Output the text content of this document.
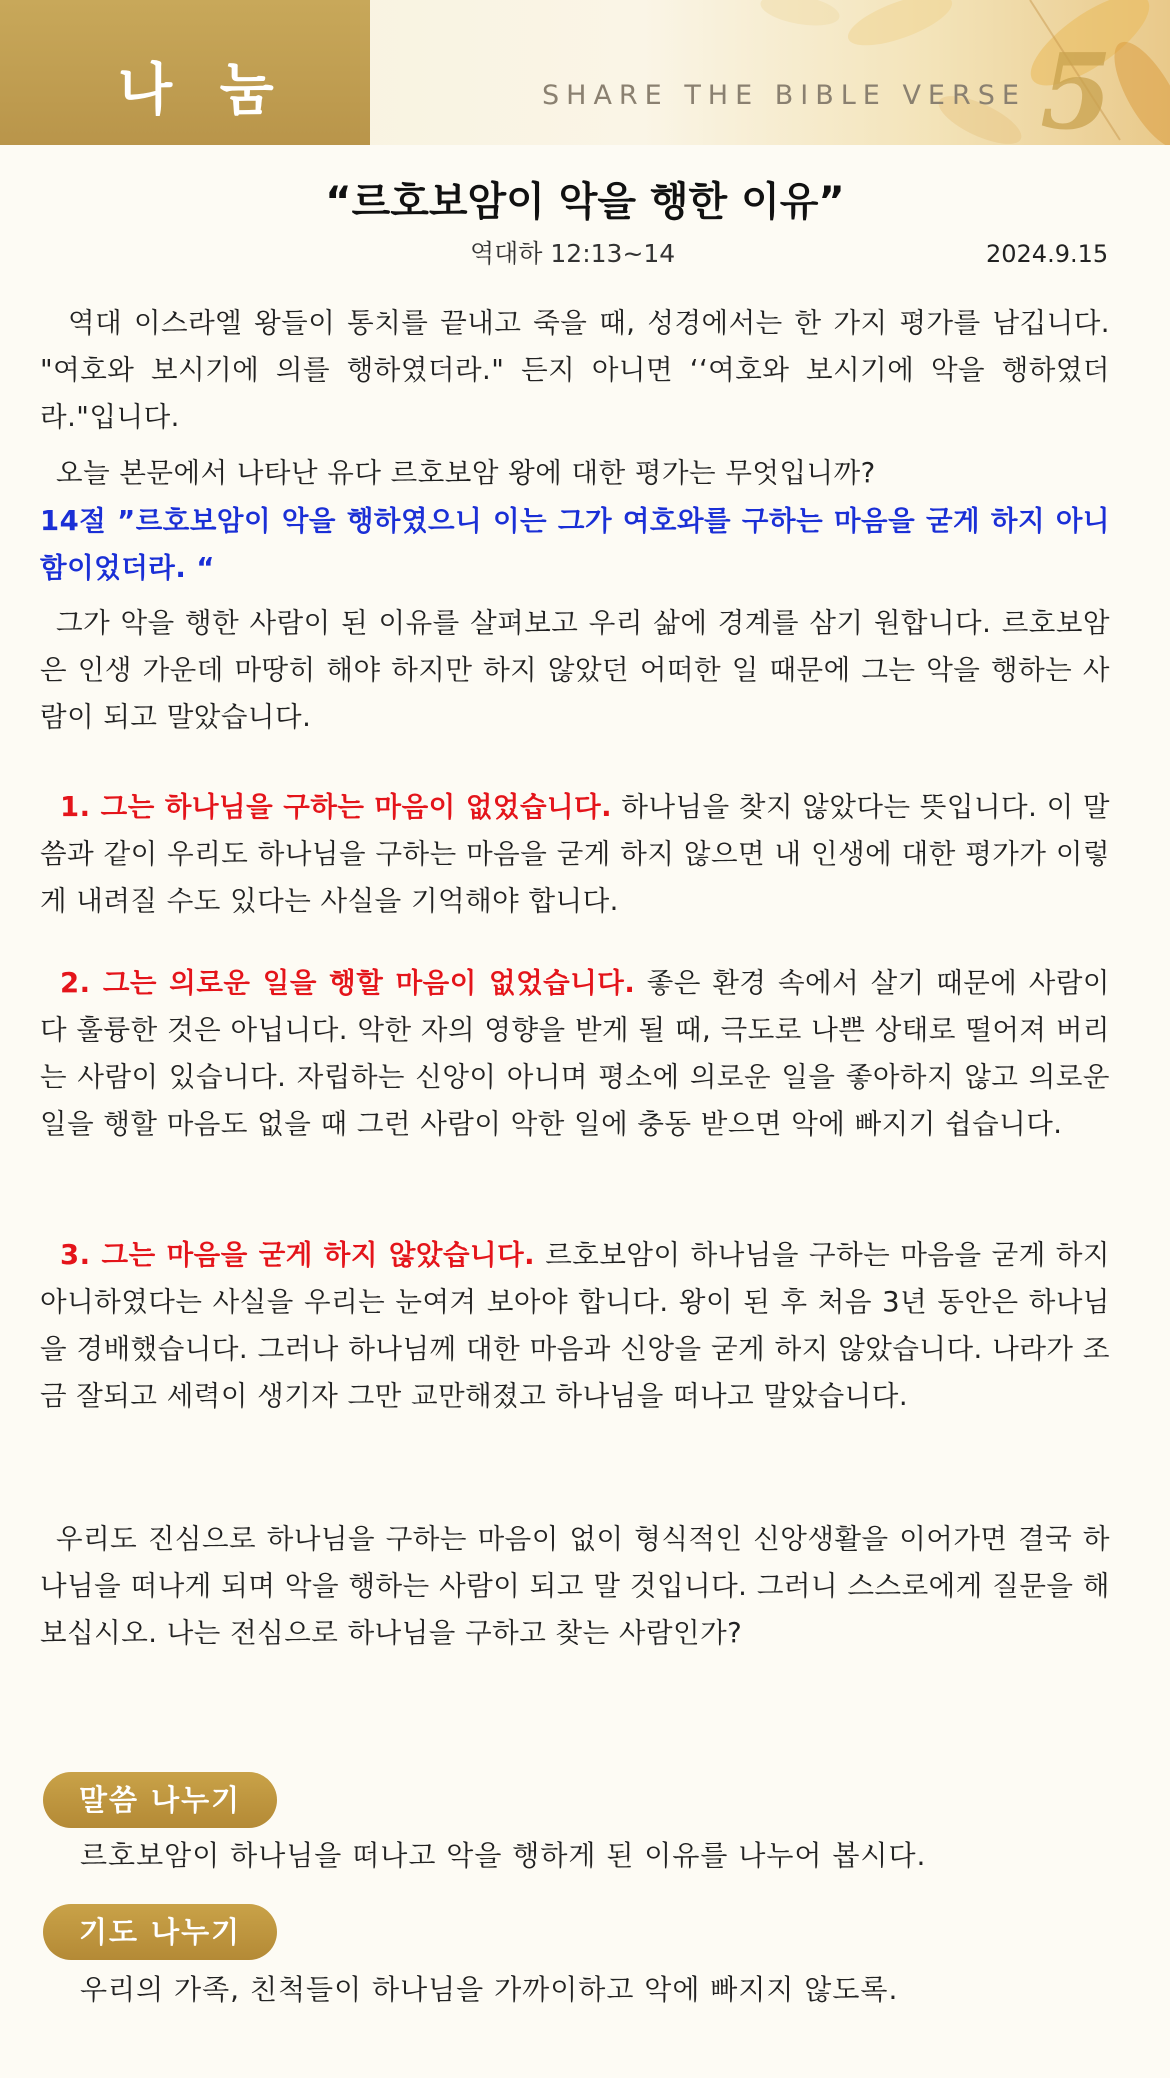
나 눔	SHARE THE BIBLE VERSE 5
“르호보암이 악을 행한 이유”
역대하 12:13~14	2024.9.15
역대 이스라엘 왕들이 통치를 끝내고 죽을 때, 성경에서는 한 가지 평가를 남깁니다. "여호와 보시기에 의를 행하였더라." 든지 아니면 ‘‘여호와 보시기에 악을 행하였더라."입니다.
오늘 본문에서 나타난 유다 르호보암 왕에 대한 평가는 무엇입니까?
14절 ”르호보암이 악을 행하였으니 이는 그가 여호와를 구하는 마음을 굳게 하지 아니함이었더라. “
그가 악을 행한 사람이 된 이유를 살펴보고 우리 삶에 경계를 삼기 원합니다. 르호보암은 인생 가운데 마땅히 해야 하지만 하지 않았던 어떠한 일 때문에 그는 악을 행하는 사람이 되고 말았습니다.
1. 그는 하나님을 구하는 마음이 없었습니다. 하나님을 찾지 않았다는 뜻입니다. 이 말씀과 같이 우리도 하나님을 구하는 마음을 굳게 하지 않으면 내 인생에 대한 평가가 이렇게 내려질 수도 있다는 사실을 기억해야 합니다.
2. 그는 의로운 일을 행할 마음이 없었습니다. 좋은 환경 속에서 살기 때문에 사람이 다 훌륭한 것은 아닙니다. 악한 자의 영향을 받게 될 때, 극도로 나쁜 상태로 떨어져 버리는 사람이 있습니다. 자립하는 신앙이 아니며 평소에 의로운 일을 좋아하지 않고 의로운 일을 행할 마음도 없을 때 그런 사람이 악한 일에 충동 받으면 악에 빠지기 쉽습니다.
3. 그는 마음을 굳게 하지 않았습니다. 르호보암이 하나님을 구하는 마음을 굳게 하지 아니하였다는 사실을 우리는 눈여겨 보아야 합니다. 왕이 된 후 처음 3년 동안은 하나님을 경배했습니다. 그러나 하나님께 대한 마음과 신앙을 굳게 하지 않았습니다. 나라가 조금 잘되고 세력이 생기자 그만 교만해졌고 하나님을 떠나고 말았습니다.
우리도 진심으로 하나님을 구하는 마음이 없이 형식적인 신앙생활을 이어가면 결국 하나님을 떠나게 되며 악을 행하는 사람이 되고 말 것입니다. 그러니 스스로에게 질문을 해 보십시오. 나는 전심으로 하나님을 구하고 찾는 사람인가?
말씀 나누기
르호보암이 하나님을 떠나고 악을 행하게 된 이유를 나누어 봅시다.
기도 나누기
우리의 가족, 친척들이 하나님을 가까이하고 악에 빠지지 않도록.
